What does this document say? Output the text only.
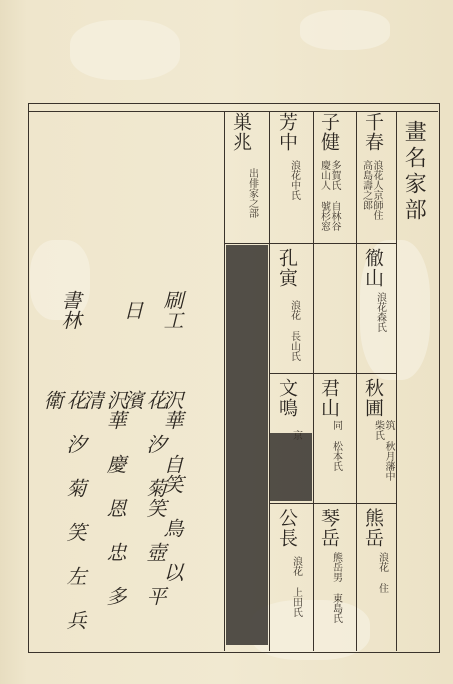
畫名家部
千春
浪花人京師住 高島壽之郎
子健
多賀氏 自林谷 慶山人 號杉窓
芳中
浪花中氏
巣兆
出俳家之部
徹山
浪花森氏
孔寅
浪花 長山氏
秋圃
筑 秋月藩中 柴氏
君山
同 松本氏
文鳴
京
熊岳
浪花 住
琴岳
熊岳男 東島氏
公長
浪花 上田氏
刷工
沢華 自笑 鳥 以
日
花 汐 菊笑 壺 平 濱
書林
沢華 慶 恩 忠 多 清
花 汐 菊 笑 左 兵 衛
